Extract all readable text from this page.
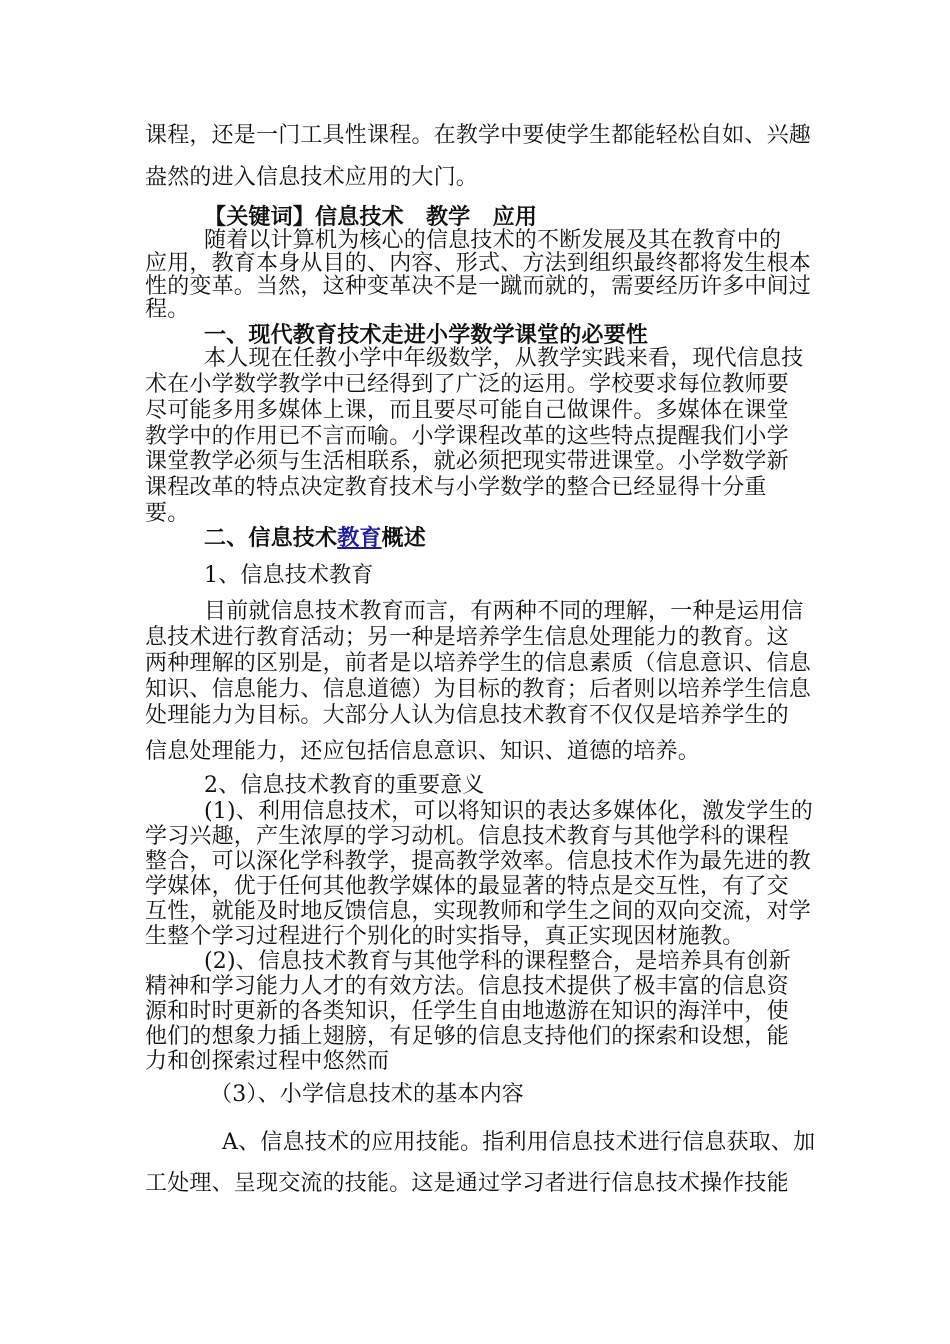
课程，还是一门工具性课程。在教学中要使学生都能轻松自如、兴趣
盎然的进入信息技术应用的大门。
【关键词】信息技术　教学　应用
随着以计算机为核心的信息技术的不断发展及其在教育中的
应用，教育本身从目的、内容、形式、方法到组织最终都将发生根本
性的变革。当然，这种变革决不是一蹴而就的，需要经历许多中间过
程。
一、现代教育技术走进小学数学课堂的必要性
本人现在任教小学中年级数学，从教学实践来看，现代信息技
术在小学数学教学中已经得到了广泛的运用。学校要求每位教师要
尽可能多用多媒体上课，而且要尽可能自己做课件。多媒体在课堂
教学中的作用已不言而喻。小学课程改革的这些特点提醒我们小学
课堂教学必须与生活相联系，就必须把现实带进课堂。小学数学新
课程改革的特点决定教育技术与小学数学的整合已经显得十分重
要。
二、信息技术教育概述
1、信息技术教育
目前就信息技术教育而言，有两种不同的理解，一种是运用信
息技术进行教育活动；另一种是培养学生信息处理能力的教育。这
两种理解的区别是，前者是以培养学生的信息素质（信息意识、信息
知识、信息能力、信息道德）为目标的教育；后者则以培养学生信息
处理能力为目标。大部分人认为信息技术教育不仅仅是培养学生的
信息处理能力，还应包括信息意识、知识、道德的培养。
2、信息技术教育的重要意义
(1)、利用信息技术，可以将知识的表达多媒体化，激发学生的
学习兴趣，产生浓厚的学习动机。信息技术教育与其他学科的课程
整合，可以深化学科教学，提高教学效率。信息技术作为最先进的教
学媒体，优于任何其他教学媒体的最显著的特点是交互性，有了交
互性，就能及时地反馈信息，实现教师和学生之间的双向交流，对学
生整个学习过程进行个别化的时实指导，真正实现因材施教。
(2)、信息技术教育与其他学科的课程整合，是培养具有创新
精神和学习能力人才的有效方法。信息技术提供了极丰富的信息资
源和时时更新的各类知识，任学生自由地遨游在知识的海洋中，使
他们的想象力插上翅膀，有足够的信息支持他们的探索和设想，能
力和创探索过程中悠然而
（3）、小学信息技术的基本内容
A、信息技术的应用技能。指利用信息技术进行信息获取、加
工处理、呈现交流的技能。这是通过学习者进行信息技术操作技能
